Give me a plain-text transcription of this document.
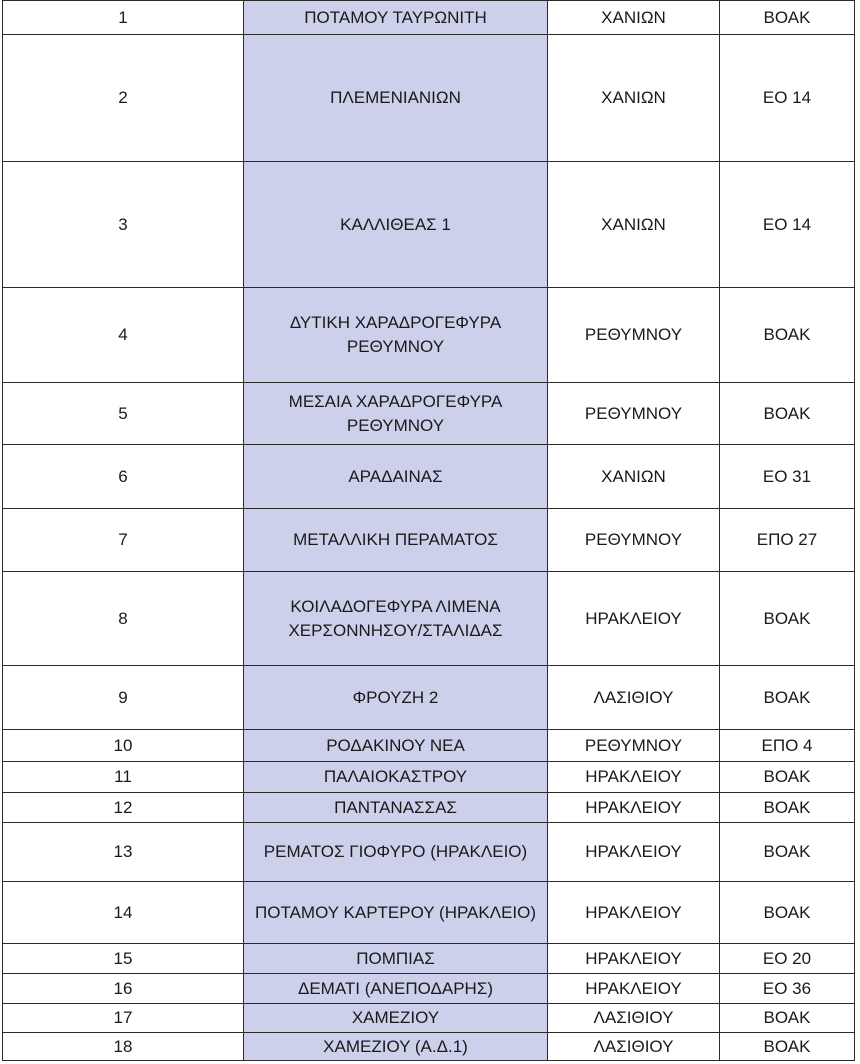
1	ΠΟΤΑΜΟΥ ΤΑΥΡΩΝΙΤΗ	ΧΑΝΙΩΝ	ΒΟΑΚ
2	ΠΛΕΜΕΝΙΑΝΙΩΝ	ΧΑΝΙΩΝ	ΕΟ 14
3	ΚΑΛΛΙΘΕΑΣ 1	ΧΑΝΙΩΝ	ΕΟ 14
4	ΔΥΤΙΚΗ ΧΑΡΑΔΡΟΓΕΦΥΡΑ ΡΕΘΥΜΝΟΥ	ΡΕΘΥΜΝΟΥ	ΒΟΑΚ
5	ΜΕΣΑΙΑ ΧΑΡΑΔΡΟΓΕΦΥΡΑ ΡΕΘΥΜΝΟΥ	ΡΕΘΥΜΝΟΥ	ΒΟΑΚ
6	ΑΡΑΔΑΙΝΑΣ	ΧΑΝΙΩΝ	ΕΟ 31
7	ΜΕΤΑΛΛΙΚΗ ΠΕΡΑΜΑΤΟΣ	ΡΕΘΥΜΝΟΥ	ΕΠΟ 27
8	ΚΟΙΛΑΔΟΓΕΦΥΡΑ ΛΙΜΕΝΑ ΧΕΡΣΟΝΝΗΣΟΥ/ΣΤΑΛΙΔΑΣ	ΗΡΑΚΛΕΙΟΥ	ΒΟΑΚ
9	ΦΡΟΥΖΗ 2	ΛΑΣΙΘΙΟΥ	ΒΟΑΚ
10	ΡΟΔΑΚΙΝΟΥ ΝΕΑ	ΡΕΘΥΜΝΟΥ	ΕΠΟ 4
11	ΠΑΛΑΙΟΚΑΣΤΡΟΥ	ΗΡΑΚΛΕΙΟΥ	ΒΟΑΚ
12	ΠΑΝΤΑΝΑΣΣΑΣ	ΗΡΑΚΛΕΙΟΥ	ΒΟΑΚ
13	ΡΕΜΑΤΟΣ ΓΙΟΦΥΡΟ (ΗΡΑΚΛΕΙΟ)	ΗΡΑΚΛΕΙΟΥ	ΒΟΑΚ
14	ΠΟΤΑΜΟΥ ΚΑΡΤΕΡΟΥ (ΗΡΑΚΛΕΙΟ)	ΗΡΑΚΛΕΙΟΥ	ΒΟΑΚ
15	ΠΟΜΠΙΑΣ	ΗΡΑΚΛΕΙΟΥ	ΕΟ 20
16	ΔΕΜΑΤΙ (ΑΝΕΠΟΔΑΡΗΣ)	ΗΡΑΚΛΕΙΟΥ	ΕΟ 36
17	ΧΑΜΕΖΙΟΥ	ΛΑΣΙΘΙΟΥ	ΒΟΑΚ
18	ΧΑΜΕΖΙΟΥ (Α.Δ.1)	ΛΑΣΙΘΙΟΥ	ΒΟΑΚ
